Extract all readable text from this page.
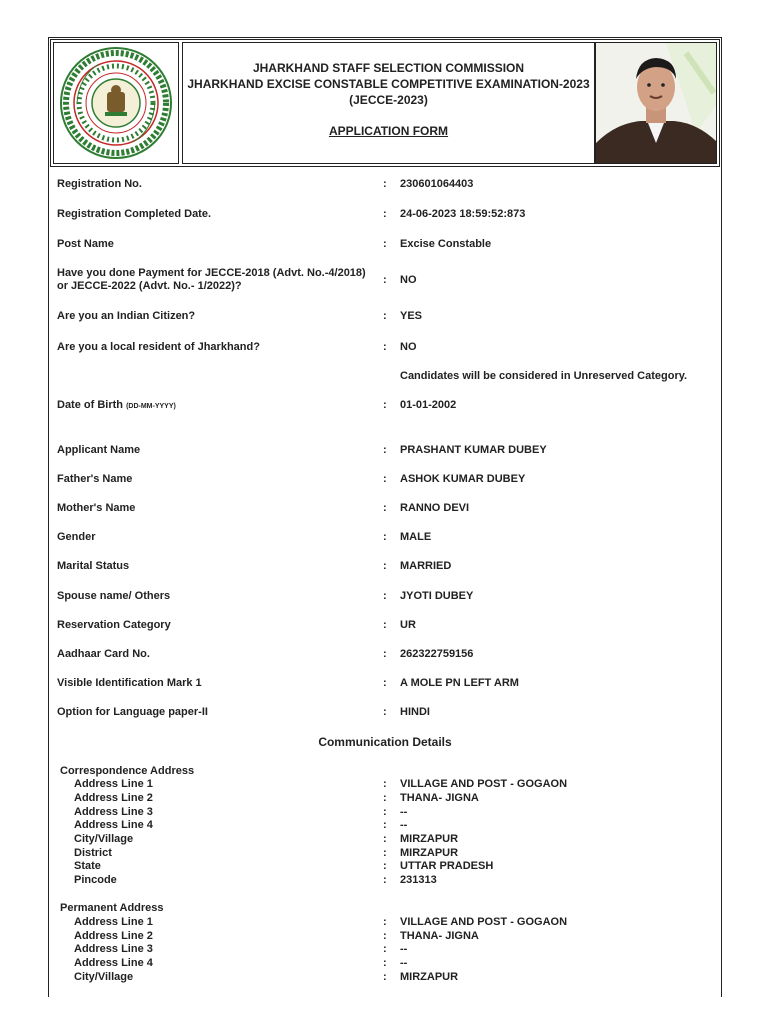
JHARKHAND STAFF SELECTION COMMISSION
JHARKHAND EXCISE CONSTABLE COMPETITIVE EXAMINATION-2023
(JECCE-2023)
APPLICATION FORM
Registration No.	:	230601064403
Registration Completed Date.	:	24-06-2023 18:59:52:873
Post Name	:	Excise Constable
Have you done Payment for JECCE-2018 (Advt. No.-4/2018) or JECCE-2022 (Advt. No.- 1/2022)?	:	NO
Are you an Indian Citizen?	:	YES
Are you a local resident of Jharkhand?	:	NO
Candidates will be considered in Unreserved Category.
Date of Birth (DD-MM-YYYY)	:	01-01-2002
Applicant Name	:	PRASHANT KUMAR DUBEY
Father's Name	:	ASHOK KUMAR DUBEY
Mother's Name	:	RANNO DEVI
Gender	:	MALE
Marital Status	:	MARRIED
Spouse name/ Others	:	JYOTI DUBEY
Reservation Category	:	UR
Aadhaar Card No.	:	262322759156
Visible Identification Mark 1	:	A MOLE PN LEFT ARM
Option for Language paper-II	:	HINDI
Communication Details
Correspondence Address
Address Line 1	: VILLAGE AND POST - GOGAON
Address Line 2	: THANA- JIGNA
Address Line 3	: --
Address Line 4	: --
City/Village	: MIRZAPUR
District	: MIRZAPUR
State	: UTTAR PRADESH
Pincode	: 231313
Permanent Address
Address Line 1	: VILLAGE AND POST - GOGAON
Address Line 2	: THANA- JIGNA
Address Line 3	: --
Address Line 4	: --
City/Village	: MIRZAPUR
